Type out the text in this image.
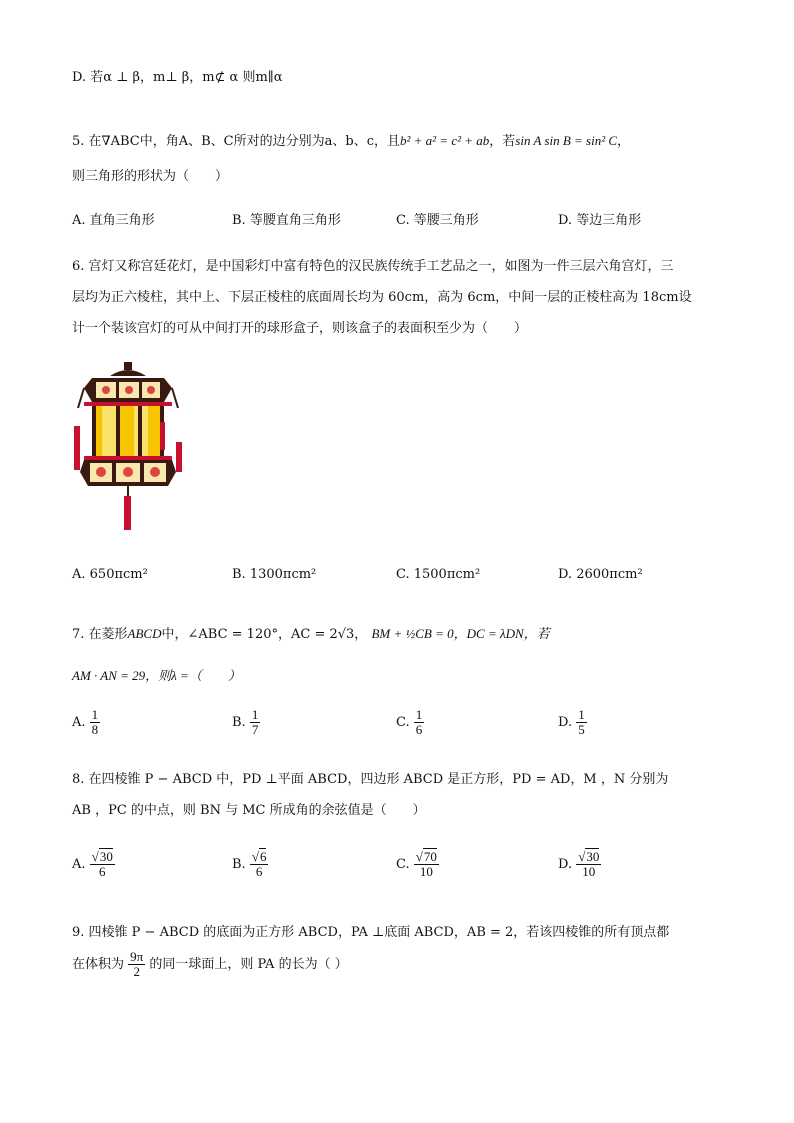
D. 若α ⊥ β，m⊥ β，m⊄ α 则m∥α
5. 在∇ABC中，角A、B、C所对的边分别为a、b、c，且b² + a² = c² + ab，若sin A sin B = sin² C，
则三角形的形状为（　　）
A. 直角三角形	B. 等腰直角三角形	C. 等腰三角形	D. 等边三角形
6. 宫灯又称宫廷花灯，是中国彩灯中富有特色的汉民族传统手工艺品之一，如图为一件三层六角宫灯，三
层均为正六棱柱，其中上、下层正棱柱的底面周长均为 60cm，高为 6cm，中间一层的正棱柱高为 18cm设
计一个装该宫灯的可从中间打开的球形盒子，则该盒子的表面积至少为（　　）
A. 650πcm²	B. 1300πcm²	C. 1500πcm²	D. 2600πcm²
7. 在菱形ABCD中，∠ABC = 120°，AC = 2√3， BM + ½CB = 0，DC = λDN，若
AM · AN = 29，则λ =（　　）
A. $\frac{1}{8}$	B. $\frac{1}{7}$	C. $\frac{1}{6}$	D. $\frac{1}{5}$
8. 在四棱锥 P − ABCD 中，PD ⊥平面 ABCD，四边形 ABCD 是正方形，PD = AD，M ，N 分别为
AB ，PC 的中点，则 BN 与 MC 所成角的余弦值是（　　）
A. $\frac{√30}{6}$	B. $\frac{√6}{6}$	C. $\frac{√70}{10}$	D. $\frac{√30}{10}$
9. 四棱锥 P − ABCD 的底面为正方形 ABCD，PA ⊥底面 ABCD，AB = 2，若该四棱锥的所有顶点都
在体积为 $\frac{9\pi}{2}$ 的同一球面上，则 PA 的长为（ ）
